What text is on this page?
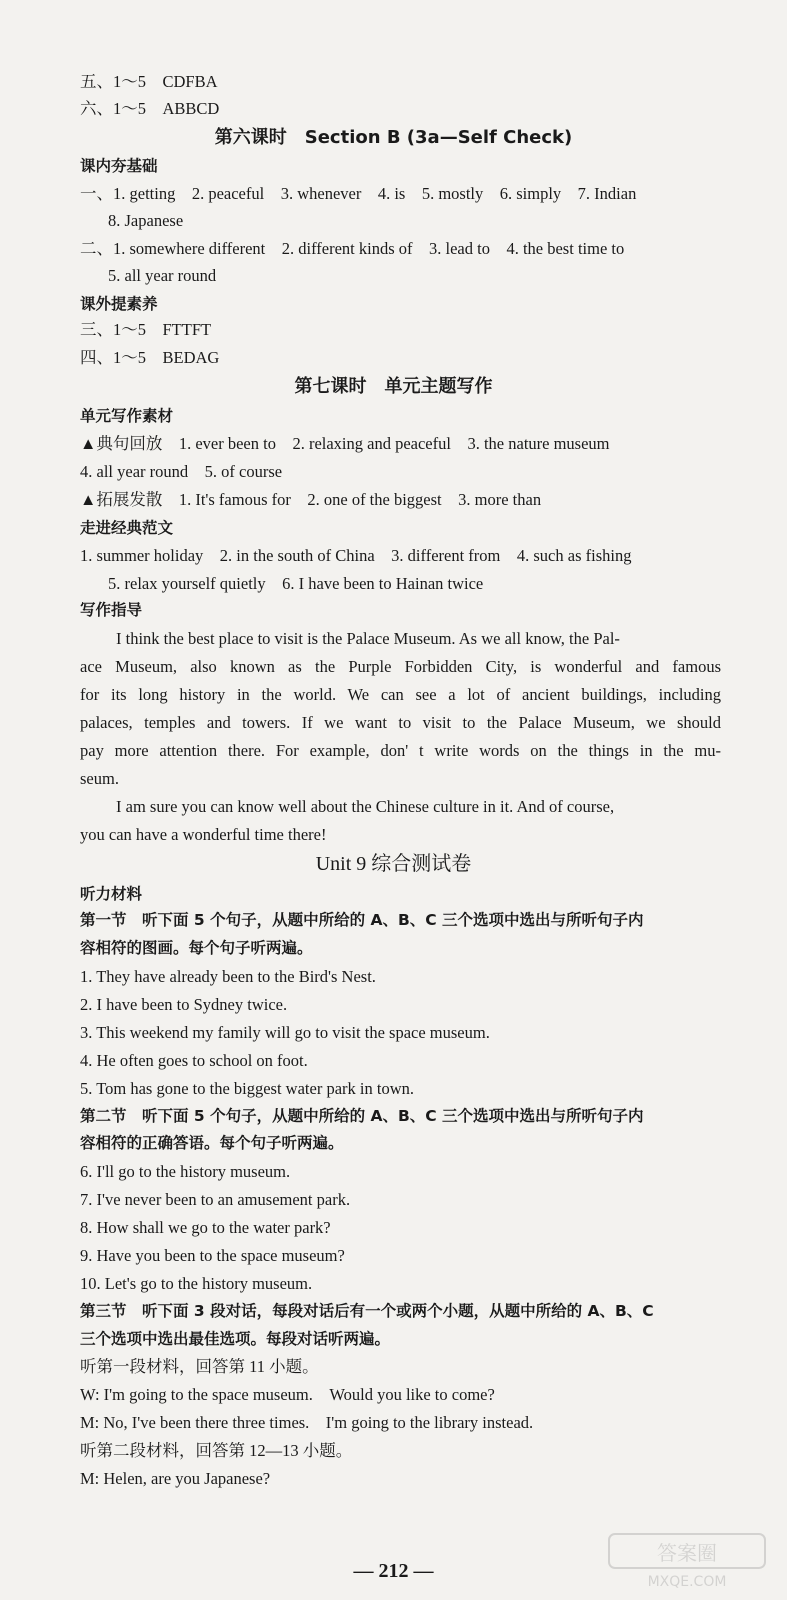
五、1～5　CDFBA
六、1～5　ABBCD
第六课时　Section B (3a—Self Check)
课内夯基础
一、1. getting　2. peaceful　3. whenever　4. is　5. mostly　6. simply　7. Indian
8. Japanese
二、1. somewhere different　2. different kinds of　3. lead to　4. the best time to
5. all year round
课外提素养
三、1～5　FTTFT
四、1～5　BEDAG
第七课时　单元主题写作
单元写作素材
▲典句回放　1. ever been to　2. relaxing and peaceful　3. the nature museum
4. all year round　5. of course
▲拓展发散　1. It's famous for　2. one of the biggest　3. more than
走进经典范文
1. summer holiday　2. in the south of China　3. different from　4. such as fishing
5. relax yourself quietly　6. I have been to Hainan twice
写作指导
I think the best place to visit is the Palace Museum. As we all know, the Pal-
ace Museum, also known as the Purple Forbidden City, is wonderful and famous
for its long history in the world. We can see a lot of ancient buildings, including
palaces, temples and towers. If we want to visit to the Palace Museum, we should
pay more attention there. For example, don' t write words on the things in the mu-
seum.
I am sure you can know well about the Chinese culture in it. And of course,
you can have a wonderful time there!
Unit 9 综合测试卷
听力材料
第一节　听下面 5 个句子，从题中所给的 A、B、C 三个选项中选出与所听句子内
容相符的图画。每个句子听两遍。
1. They have already been to the Bird's Nest.
2. I have been to Sydney twice.
3. This weekend my family will go to visit the space museum.
4. He often goes to school on foot.
5. Tom has gone to the biggest water park in town.
第二节　听下面 5 个句子，从题中所给的 A、B、C 三个选项中选出与所听句子内
容相符的正确答语。每个句子听两遍。
6. I'll go to the history museum.
7. I've never been to an amusement park.
8. How shall we go to the water park?
9. Have you been to the space museum?
10. Let's go to the history museum.
第三节　听下面 3 段对话，每段对话后有一个或两个小题，从题中所给的 A、B、C
三个选项中选出最佳选项。每段对话听两遍。
听第一段材料，回答第 11 小题。
W: I'm going to the space museum.　Would you like to come?
M: No, I've been there three times.　I'm going to the library instead.
听第二段材料，回答第 12—13 小题。
M: Helen, are you Japanese?
— 212 —
答案圈
MXQE.COM
